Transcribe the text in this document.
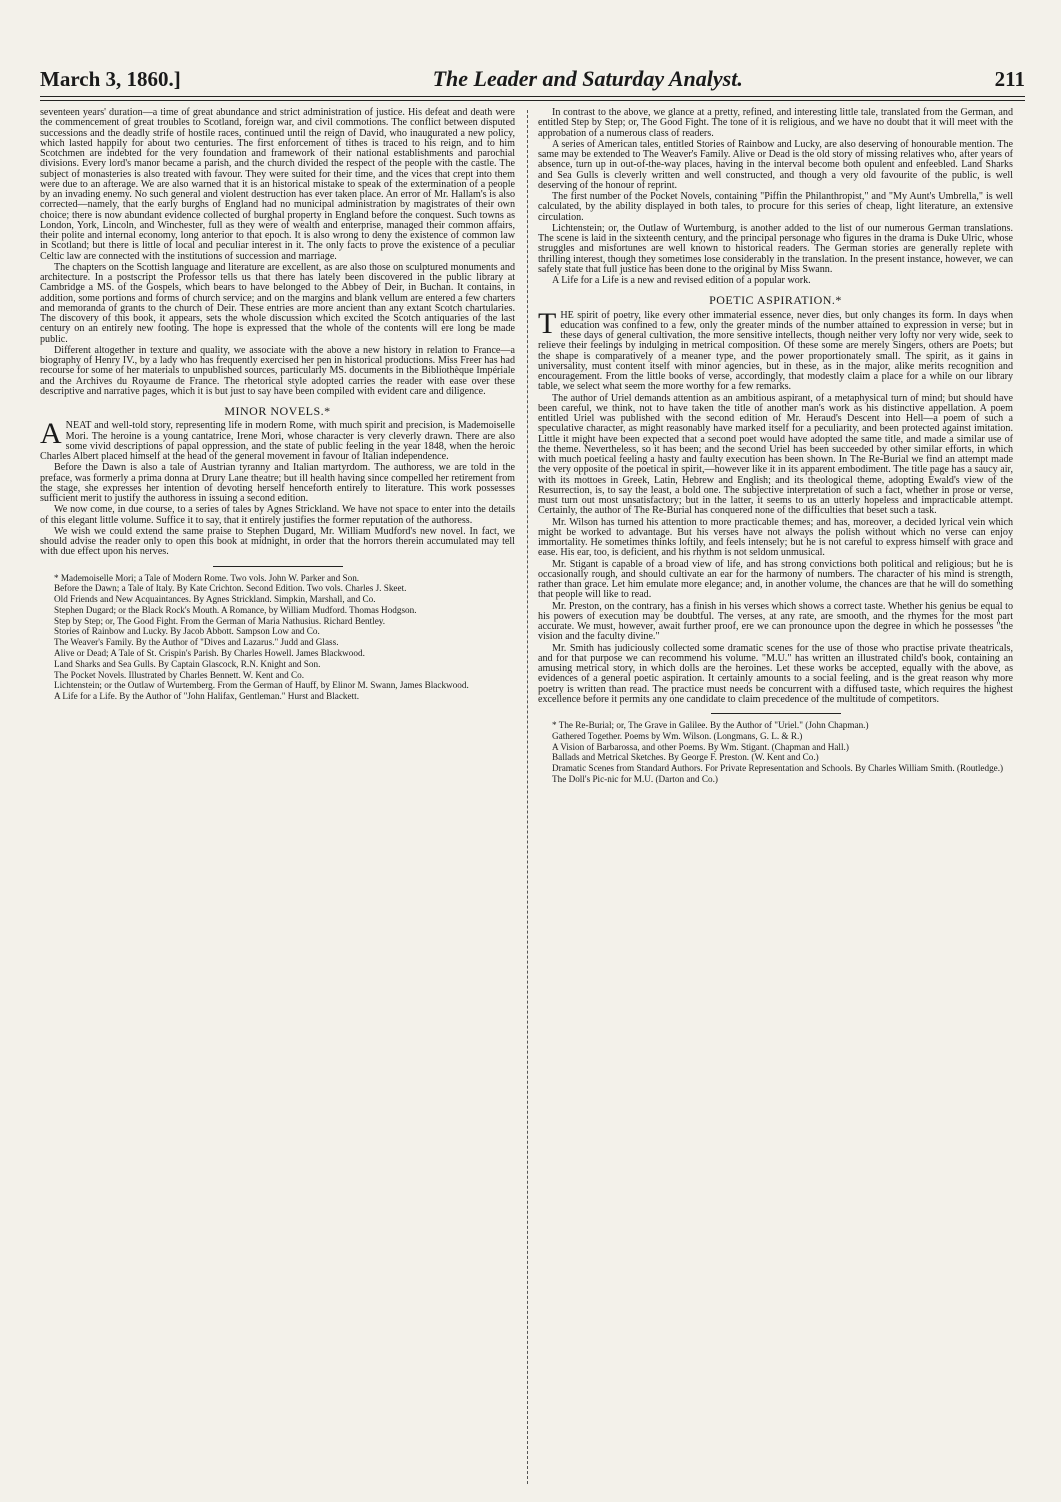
March 3, 1860.]	The Leader and Saturday Analyst.	211

seventeen years' duration—a time of great abundance and strict administration of justice. His defeat and death were the commencement of great troubles to Scotland, foreign war, and civil commotions. The conflict between disputed successions and the deadly strife of hostile races, continued until the reign of David, who inaugurated a new policy, which lasted happily for about two centuries. The first enforcement of tithes is traced to his reign, and to him Scotchmen are indebted for the very foundation and framework of their national establishments and parochial divisions. Every lord's manor became a parish, and the church divided the respect of the people with the castle. The subject of monasteries is also treated with favour. They were suited for their time, and the vices that crept into them were due to an afterage. We are also warned that it is an historical mistake to speak of the extermination of a people by an invading enemy. No such general and violent destruction has ever taken place. An error of Mr. Hallam's is also corrected—namely, that the early burghs of England had no municipal administration by magistrates of their own choice; there is now abundant evidence collected of burghal property in England before the conquest. Such towns as London, York, Lincoln, and Winchester, full as they were of wealth and enterprise, managed their common affairs, their polite and internal economy, long anterior to that epoch. It is also wrong to deny the existence of common law in Scotland; but there is little of local and peculiar interest in it. The only facts to prove the existence of a peculiar Celtic law are connected with the institutions of succession and marriage.

The chapters on the Scottish language and literature are excellent, as are also those on sculptured monuments and architecture. In a postscript the Professor tells us that there has lately been discovered in the public library at Cambridge a MS. of the Gospels, which bears to have belonged to the Abbey of Deir, in Buchan. It contains, in addition, some portions and forms of church service; and on the margins and blank vellum are entered a few charters and memoranda of grants to the church of Deir. These entries are more ancient than any extant Scotch chartularies. The discovery of this book, it appears, sets the whole discussion which excited the Scotch antiquaries of the last century on an entirely new footing. The hope is expressed that the whole of the contents will ere long be made public.

Different altogether in texture and quality, we associate with the above a new history in relation to France—a biography of Henry IV., by a lady who has frequently exercised her pen in historical productions. Miss Freer has had recourse for some of her materials to unpublished sources, particularly MS. documents in the Bibliothèque Impériale and the Archives du Royaume de France. The rhetorical style adopted carries the reader with ease over these descriptive and narrative pages, which it is but just to say have been compiled with evident care and diligence.

MINOR NOVELS.*

ANEAT and well-told story, representing life in modern Rome, with much spirit and precision, is Mademoiselle Mori. The heroine is a young cantatrice, Irene Mori, whose character is very cleverly drawn. There are also some vivid descriptions of papal oppression, and the state of public feeling in the year 1848, when the heroic Charles Albert placed himself at the head of the general movement in favour of Italian independence.

Before the Dawn is also a tale of Austrian tyranny and Italian martyrdom. The authoress, we are told in the preface, was formerly a prima donna at Drury Lane theatre; but ill health having since compelled her retirement from the stage, she expresses her intention of devoting herself henceforth entirely to literature. This work possesses sufficient merit to justify the authoress in issuing a second edition.

We now come, in due course, to a series of tales by Agnes Strickland. We have not space to enter into the details of this elegant little volume. Suffice it to say, that it entirely justifies the former reputation of the authoress.

We wish we could extend the same praise to Stephen Dugard, Mr. William Mudford's new novel. In fact, we should advise the reader only to open this book at midnight, in order that the horrors therein accumulated may tell with due effect upon his nerves.

* Mademoiselle Mori; a Tale of Modern Rome. Two vols. John W. Parker and Son.

Before the Dawn; a Tale of Italy. By Kate Crichton. Second Edition. Two vols. Charles J. Skeet.

Old Friends and New Acquaintances. By Agnes Strickland. Simpkin, Marshall, and Co.

Stephen Dugard; or the Black Rock's Mouth. A Romance, by William Mudford. Thomas Hodgson.

Step by Step; or, The Good Fight. From the German of Maria Nathusius. Richard Bentley.

Stories of Rainbow and Lucky. By Jacob Abbott. Sampson Low and Co.

The Weaver's Family. By the Author of "Dives and Lazarus." Judd and Glass.

Alive or Dead; A Tale of St. Crispin's Parish. By Charles Howell. James Blackwood.

Land Sharks and Sea Gulls. By Captain Glascock, R.N. Knight and Son.

The Pocket Novels. Illustrated by Charles Bennett. W. Kent and Co.

Lichtenstein; or the Outlaw of Wurtemberg. From the German of Hauff, by Elinor M. Swann, James Blackwood.

A Life for a Life. By the Author of "John Halifax, Gentleman." Hurst and Blackett.

In contrast to the above, we glance at a pretty, refined, and interesting little tale, translated from the German, and entitled Step by Step; or, The Good Fight. The tone of it is religious, and we have no doubt that it will meet with the approbation of a numerous class of readers.

A series of American tales, entitled Stories of Rainbow and Lucky, are also deserving of honourable mention. The same may be extended to The Weaver's Family. Alive or Dead is the old story of missing relatives who, after years of absence, turn up in out-of-the-way places, having in the interval become both opulent and enfeebled. Land Sharks and Sea Gulls is cleverly written and well constructed, and though a very old favourite of the public, is well deserving of the honour of reprint.

The first number of the Pocket Novels, containing "Piffin the Philanthropist," and "My Aunt's Umbrella," is well calculated, by the ability displayed in both tales, to procure for this series of cheap, light literature, an extensive circulation.

Lichtenstein; or, the Outlaw of Wurtemburg, is another added to the list of our numerous German translations. The scene is laid in the sixteenth century, and the principal personage who figures in the drama is Duke Ulric, whose struggles and misfortunes are well known to historical readers. The German stories are generally replete with thrilling interest, though they sometimes lose considerably in the translation. In the present instance, however, we can safely state that full justice has been done to the original by Miss Swann.

A Life for a Life is a new and revised edition of a popular work.

POETIC ASPIRATION.*

THE spirit of poetry, like every other immaterial essence, never dies, but only changes its form. In days when education was confined to a few, only the greater minds of the number attained to expression in verse; but in these days of general cultivation, the more sensitive intellects, though neither very lofty nor very wide, seek to relieve their feelings by indulging in metrical composition. Of these some are merely Singers, others are Poets; but the shape is comparatively of a meaner type, and the power proportionately small. The spirit, as it gains in universality, must content itself with minor agencies, but in these, as in the major, alike merits recognition and encouragement. From the little books of verse, accordingly, that modestly claim a place for a while on our library table, we select what seem the more worthy for a few remarks.

The author of Uriel demands attention as an ambitious aspirant, of a metaphysical turn of mind; but should have been careful, we think, not to have taken the title of another man's work as his distinctive appellation. A poem entitled Uriel was published with the second edition of Mr. Heraud's Descent into Hell—a poem of such a speculative character, as might reasonably have marked itself for a peculiarity, and been protected against imitation. Little it might have been expected that a second poet would have adopted the same title, and made a similar use of the theme. Nevertheless, so it has been; and the second Uriel has been succeeded by other similar efforts, in which with much poetical feeling a hasty and faulty execution has been shown. In The Re-Burial we find an attempt made the very opposite of the poetical in spirit,—however like it in its apparent embodiment. The title page has a saucy air, with its mottoes in Greek, Latin, Hebrew and English; and its theological theme, adopting Ewald's view of the Resurrection, is, to say the least, a bold one. The subjective interpretation of such a fact, whether in prose or verse, must turn out most unsatisfactory; but in the latter, it seems to us an utterly hopeless and impracticable attempt. Certainly, the author of The Re-Burial has conquered none of the difficulties that beset such a task.

Mr. Wilson has turned his attention to more practicable themes; and has, moreover, a decided lyrical vein which might be worked to advantage. But his verses have not always the polish without which no verse can enjoy immortality. He sometimes thinks loftily, and feels intensely; but he is not careful to express himself with grace and ease. His ear, too, is deficient, and his rhythm is not seldom unmusical.

Mr. Stigant is capable of a broad view of life, and has strong convictions both political and religious; but he is occasionally rough, and should cultivate an ear for the harmony of numbers. The character of his mind is strength, rather than grace. Let him emulate more elegance; and, in another volume, the chances are that he will do something that people will like to read.

Mr. Preston, on the contrary, has a finish in his verses which shows a correct taste. Whether his genius be equal to his powers of execution may be doubtful. The verses, at any rate, are smooth, and the rhymes for the most part accurate. We must, however, await further proof, ere we can pronounce upon the degree in which he possesses "the vision and the faculty divine."

Mr. Smith has judiciously collected some dramatic scenes for the use of those who practise private theatricals, and for that purpose we can recommend his volume. "M.U." has written an illustrated child's book, containing an amusing metrical story, in which dolls are the heroines. Let these works be accepted, equally with the above, as evidences of a general poetic aspiration. It certainly amounts to a social feeling, and is the great reason why more poetry is written than read. The practice must needs be concurrent with a diffused taste, which requires the highest excellence before it permits any one candidate to claim precedence of the multitude of competitors.

* The Re-Burial; or, The Grave in Galilee. By the Author of "Uriel." (John Chapman.)

Gathered Together. Poems by Wm. Wilson. (Longmans, G. L. & R.)

A Vision of Barbarossa, and other Poems. By Wm. Stigant. (Chapman and Hall.)

Ballads and Metrical Sketches. By George F. Preston. (W. Kent and Co.)

Dramatic Scenes from Standard Authors. For Private Representation and Schools. By Charles William Smith. (Routledge.)

The Doll's Pic-nic for M.U. (Darton and Co.)
